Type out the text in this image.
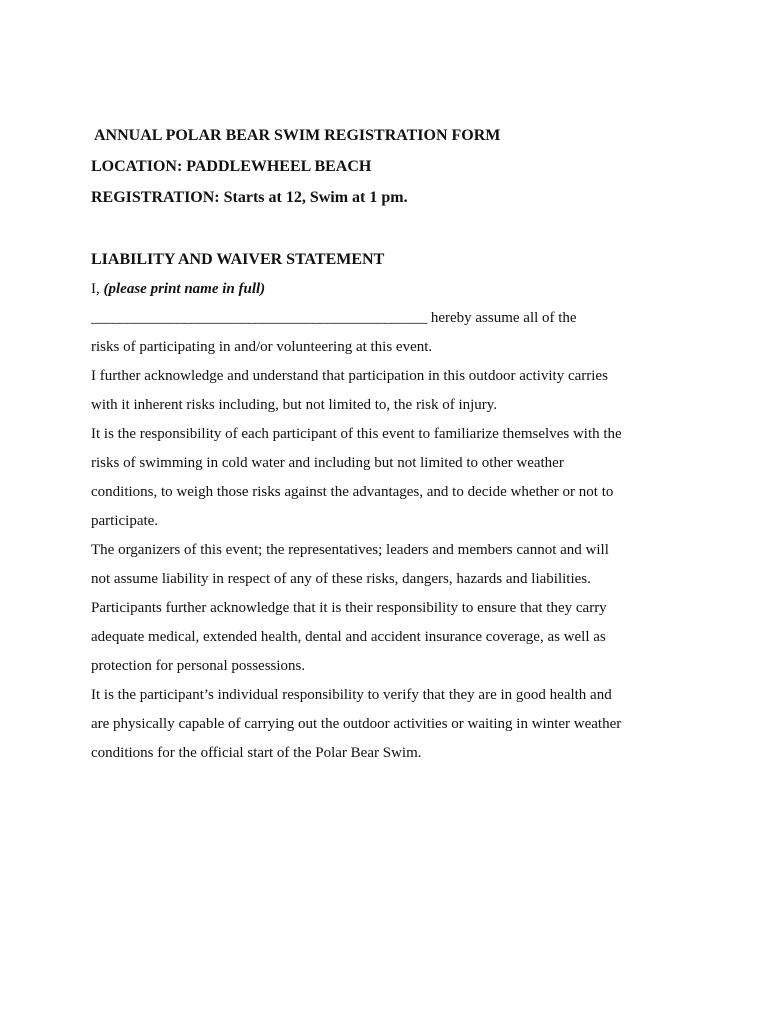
ANNUAL POLAR BEAR SWIM REGISTRATION FORM

LOCATION: PADDLEWHEEL BEACH

REGISTRATION: Starts at 12, Swim at 1 pm.

LIABILITY AND WAIVER STATEMENT

I, (please print name in full)

_______________________________________________ hereby assume all of the

risks of participating in and/or volunteering at this event.

I further acknowledge and understand that participation in this outdoor activity carries

with it inherent risks including, but not limited to, the risk of injury.

It is the responsibility of each participant of this event to familiarize themselves with the

risks of swimming in cold water and including but not limited to other weather

conditions, to weigh those risks against the advantages, and to decide whether or not to

participate.

The organizers of this event; the representatives; leaders and members cannot and will

not assume liability in respect of any of these risks, dangers, hazards and liabilities.

Participants further acknowledge that it is their responsibility to ensure that they carry

adequate medical, extended health, dental and accident insurance coverage, as well as

protection for personal possessions.

It is the participant’s individual responsibility to verify that they are in good health and

are physically capable of carrying out the outdoor activities or waiting in winter weather

conditions for the official start of the Polar Bear Swim.
